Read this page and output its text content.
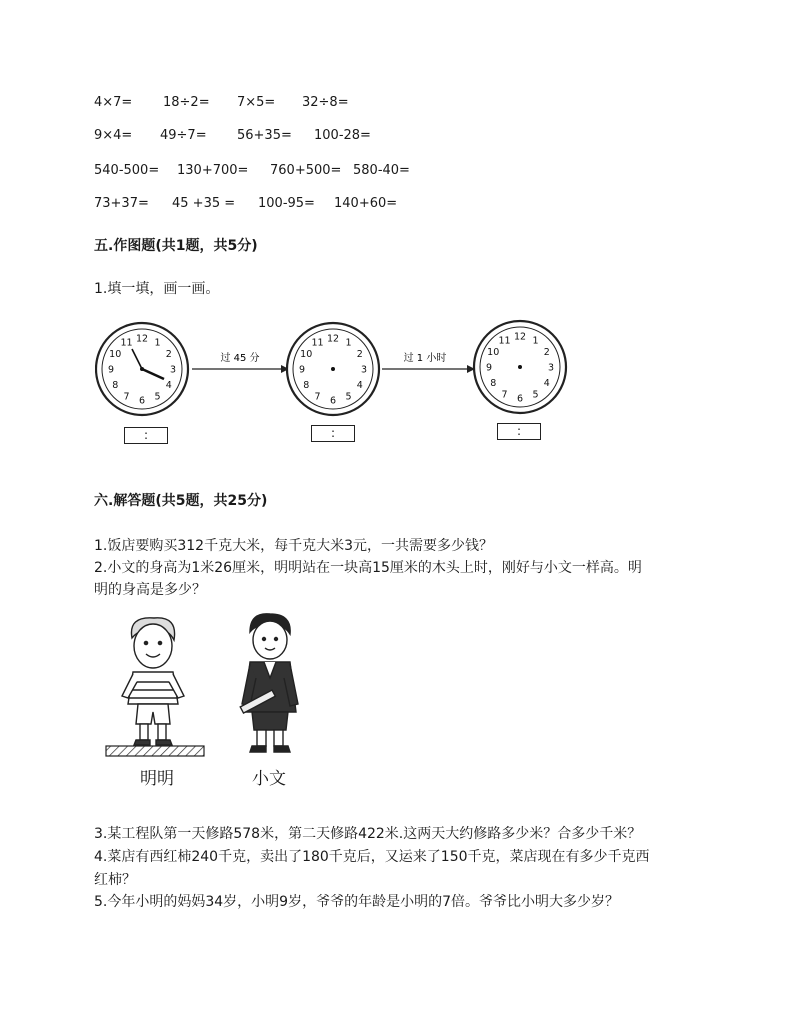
4×7= 18÷2= 7×5= 32÷8=
9×4= 49÷7= 56+35= 100-28=
540-500= 130+700= 760+500= 580-40=
73+37= 45 +35 = 100-95= 140+60=
五.作图题(共1题，共5分)
1.填一填，画一画。
12 1
2
3
4
5
6
7
8
9
10
11
过 45 分
12 1
2
3
4
5
6
7
8
9
10
11
过 1 小时
12 1
2
3
4
5
6
7
8
9
10
11
:	:	:
六.解答题(共5题，共25分)
1.饭店要购买312千克大米，每千克大米3元，一共需要多少钱？
2.小文的身高为1米26厘米，明明站在一块高15厘米的木头上时，刚好与小文一样高。明
明的身高是多少？
明明	小文
3.某工程队第一天修路578米，第二天修路422米.这两天大约修路多少米？合多少千米？
4.菜店有西红柿240千克，卖出了180千克后，又运来了150千克，菜店现在有多少千克西
红柿？
5.今年小明的妈妈34岁，小明9岁，爷爷的年龄是小明的7倍。爷爷比小明大多少岁？
